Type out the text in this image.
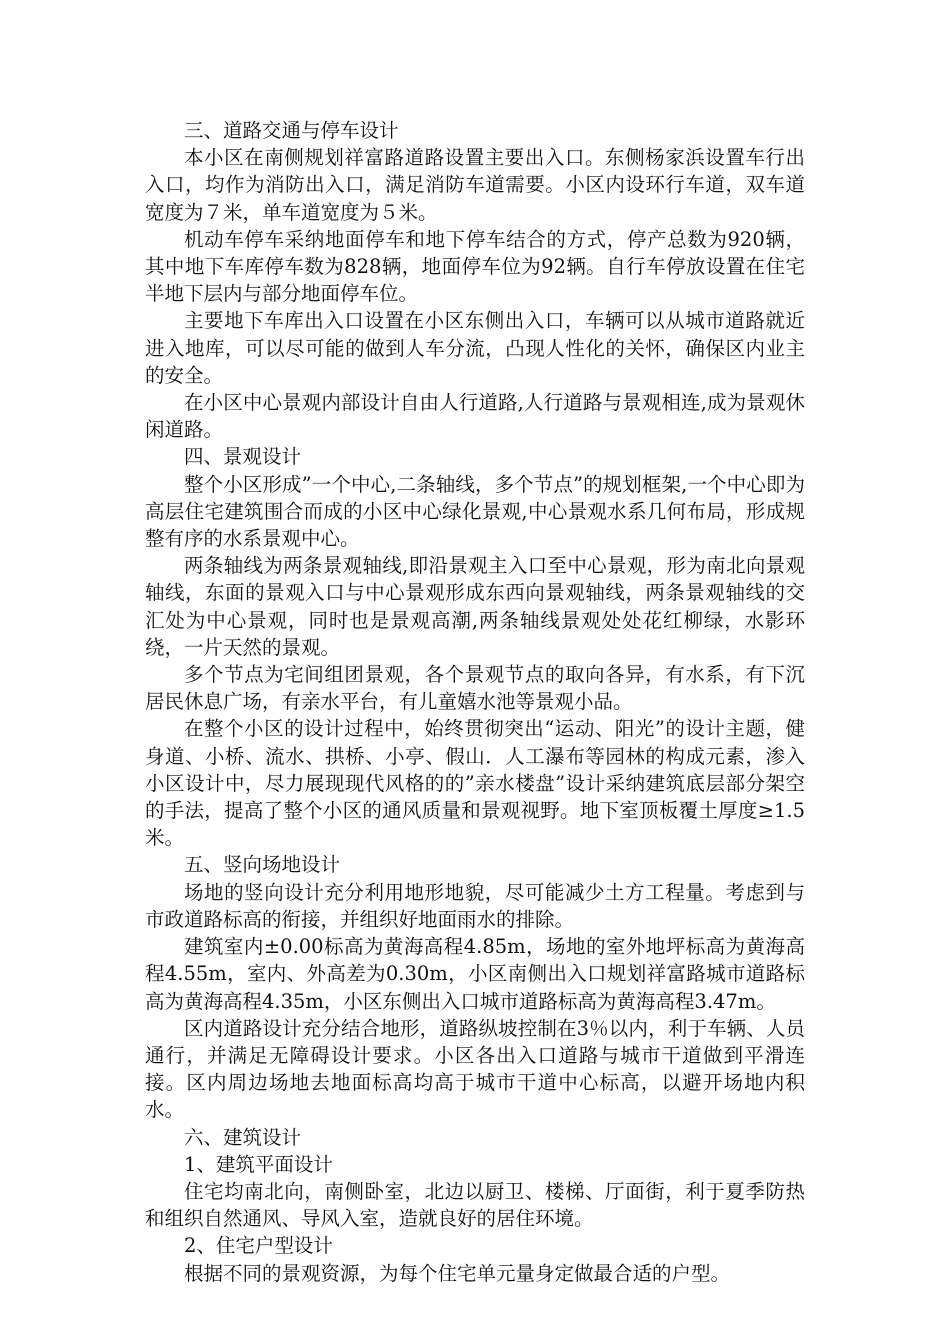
三、道路交通与停车设计

本小区在南侧规划祥富路道路设置主要出入口。东侧杨家浜设置车行出入口，均作为消防出入口，满足消防车道需要。小区内设环行车道，双车道宽度为７米，单车道宽度为５米。

机动车停车采纳地面停车和地下停车结合的方式，停产总数为920辆，其中地下车库停车数为828辆，地面停车位为92辆。自行车停放设置在住宅半地下层内与部分地面停车位。

主要地下车库出入口设置在小区东侧出入口，车辆可以从城市道路就近进入地库，可以尽可能的做到人车分流，凸现人性化的关怀，确保区内业主的安全。

在小区中心景观内部设计自由人行道路,人行道路与景观相连,成为景观休闲道路。

四、景观设计

整个小区形成”一个中心,二条轴线，多个节点”的规划框架,一个中心即为高层住宅建筑围合而成的小区中心绿化景观,中心景观水系几何布局，形成规整有序的水系景观中心。

两条轴线为两条景观轴线,即沿景观主入口至中心景观，形为南北向景观轴线，东面的景观入口与中心景观形成东西向景观轴线，两条景观轴线的交汇处为中心景观，同时也是景观高潮,两条轴线景观处处花红柳绿，水影环绕，一片天然的景观。

多个节点为宅间组团景观，各个景观节点的取向各异，有水系，有下沉居民休息广场，有亲水平台，有儿童嬉水池等景观小品。

在整个小区的设计过程中，始终贯彻突出“运动、阳光”的设计主题，健身道、小桥、流水、拱桥、小亭、假山．人工瀑布等园林的构成元素，渗入小区设计中，尽力展现现代风格的的”亲水楼盘”设计采纳建筑底层部分架空的手法，提高了整个小区的通风质量和景观视野。地下室顶板覆土厚度≥1.5米。

五、竖向场地设计

场地的竖向设计充分利用地形地貌，尽可能减少土方工程量。考虑到与市政道路标高的衔接，并组织好地面雨水的排除。

建筑室内±0.00标高为黄海高程4.85m，场地的室外地坪标高为黄海高程4.55m，室内、外高差为0.30m，小区南侧出入口规划祥富路城市道路标高为黄海高程4.35m，小区东侧出入口城市道路标高为黄海高程3.47m。

区内道路设计充分结合地形，道路纵坡控制在3％以内，利于车辆、人员通行，并满足无障碍设计要求。小区各出入口道路与城市干道做到平滑连接。区内周边场地去地面标高均高于城市干道中心标高，以避开场地内积水。

六、建筑设计

1、建筑平面设计

住宅均南北向，南侧卧室，北边以厨卫、楼梯、厅面街，利于夏季防热和组织自然通风、导风入室，造就良好的居住环境。

2、住宅户型设计

根据不同的景观资源，为每个住宅单元量身定做最合适的户型。
